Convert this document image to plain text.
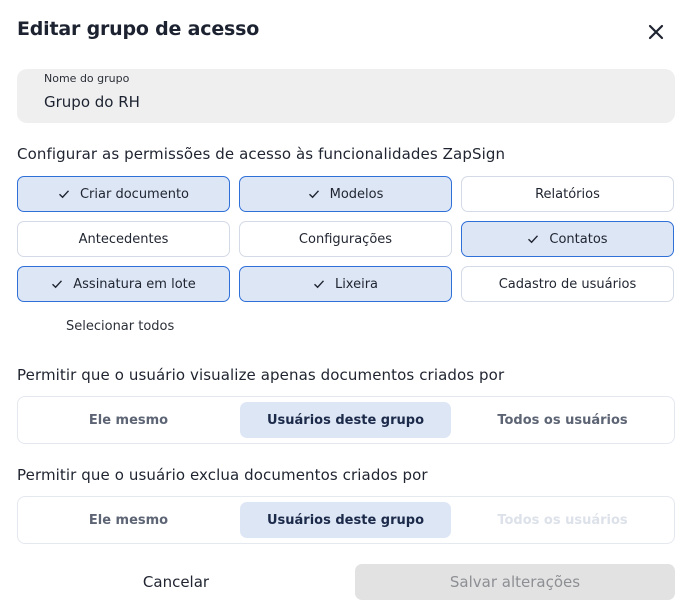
Editar grupo de acesso
Nome do grupo
Grupo do RH
Configurar as permissões de acesso às funcionalidades ZapSign
Criar documento	Modelos	Relatórios
Antecedentes	Configurações	Contatos
Assinatura em lote	Lixeira	Cadastro de usuários
Selecionar todos
Permitir que o usuário visualize apenas documentos criados por
Ele mesmo	Usuários deste grupo	Todos os usuários
Permitir que o usuário exclua documentos criados por
Ele mesmo	Usuários deste grupo	Todos os usuários
Cancelar	Salvar alterações
